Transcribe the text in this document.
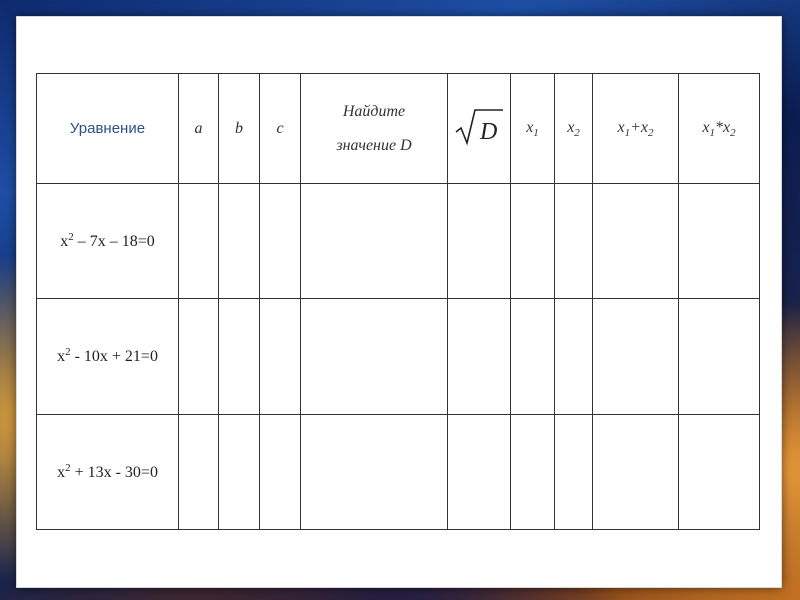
Уравнение	a	b	c	Найдите
значение D	D	$x_1$	$x_2$	$x_1+x_2$	$x_1*x_2$
$x^2 - 7x - 18=0$									
$x^2 - 10x + 21=0$									
$x^2 + 13x - 30=0$									
